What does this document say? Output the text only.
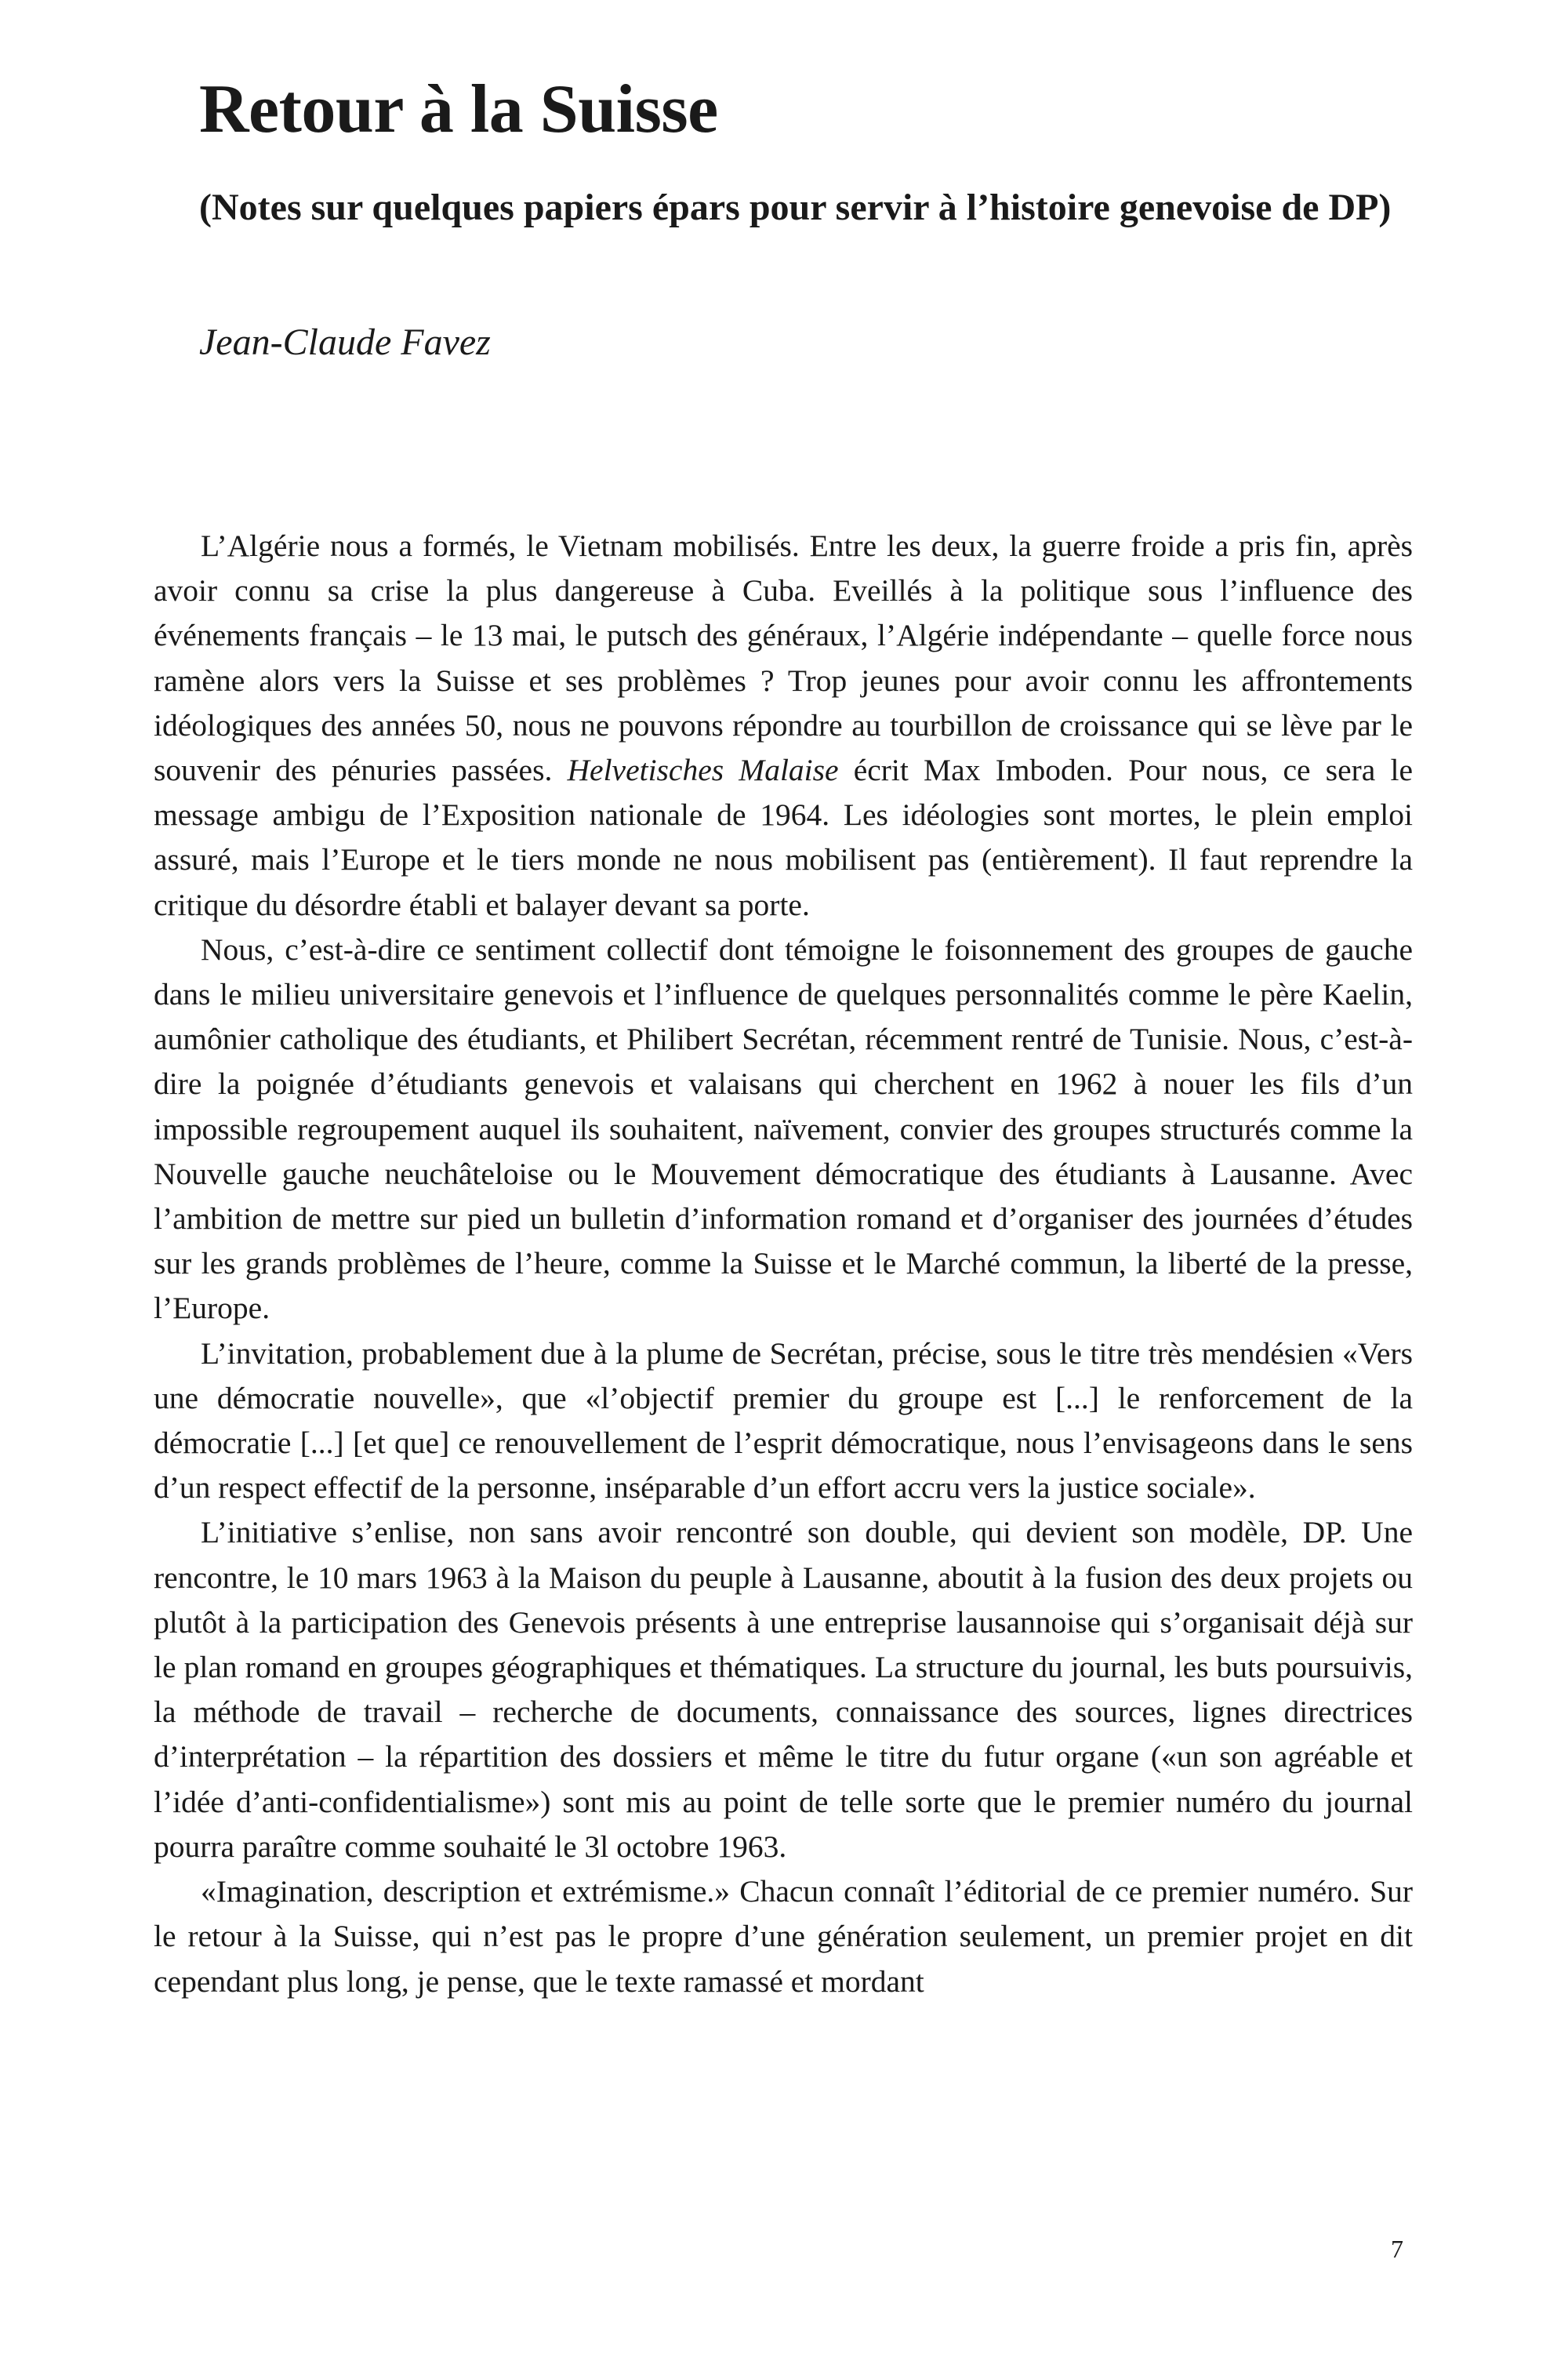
Retour à la Suisse

(Notes sur quelques papiers épars pour servir à l’histoire genevoise de DP)

Jean-Claude Favez

L’Algérie nous a formés, le Vietnam mobilisés. Entre les deux, la guerre froide a pris fin, après avoir connu sa crise la plus dangereuse à Cuba. Eveillés à la politique sous l’influence des événements français – le 13 mai, le putsch des généraux, l’Algérie indépendante – quelle force nous ramène alors vers la Suisse et ses problèmes ? Trop jeunes pour avoir connu les affrontements idéologiques des années 50, nous ne pouvons répondre au tourbillon de croissance qui se lève par le souvenir des pénuries passées. Helvetisches Malaise écrit Max Imboden. Pour nous, ce sera le message ambigu de l’Exposition nationale de 1964. Les idéologies sont mortes, le plein emploi assuré, mais l’Europe et le tiers monde ne nous mobilisent pas (entièrement). Il faut reprendre la critique du désordre établi et balayer devant sa porte.

Nous, c’est-à-dire ce sentiment collectif dont témoigne le foisonnement des groupes de gauche dans le milieu universitaire genevois et l’influence de quelques personnalités comme le père Kaelin, aumônier catholique des étudiants, et Philibert Secrétan, récemment rentré de Tunisie. Nous, c’est-à-dire la poignée d’étudiants genevois et valaisans qui cherchent en 1962 à nouer les fils d’un impossible regroupement auquel ils souhaitent, naïvement, convier des groupes structurés comme la Nouvelle gauche neuchâteloise ou le Mouvement démocratique des étudiants à Lausanne. Avec l’ambition de mettre sur pied un bulletin d’information romand et d’organiser des journées d’études sur les grands problèmes de l’heure, comme la Suisse et le Marché commun, la liberté de la presse, l’Europe.

L’invitation, probablement due à la plume de Secrétan, précise, sous le titre très mendésien «Vers une démocratie nouvelle», que «l’objectif premier du groupe est [...] le renforcement de la démocratie [...] [et que] ce renouvellement de l’esprit démocratique, nous l’envisageons dans le sens d’un respect effectif de la personne, inséparable d’un effort accru vers la justice sociale».

L’initiative s’enlise, non sans avoir rencontré son double, qui devient son modèle, DP. Une rencontre, le 10 mars 1963 à la Maison du peuple à Lausanne, aboutit à la fusion des deux projets ou plutôt à la participation des Genevois présents à une entreprise lausannoise qui s’organisait déjà sur le plan romand en groupes géographiques et thématiques. La structure du journal, les buts poursuivis, la méthode de travail – recherche de documents, connaissance des sources, lignes directrices d’interprétation – la répartition des dossiers et même le titre du futur organe («un son agréable et l’idée d’anti-confidentialisme») sont mis au point de telle sorte que le premier numéro du journal pourra paraître comme souhaité le 3l octobre 1963.

«Imagination, description et extrémisme.» Chacun connaît l’éditorial de ce premier numéro. Sur le retour à la Suisse, qui n’est pas le propre d’une génération seulement, un premier projet en dit cependant plus long, je pense, que le texte ramassé et mordant

7
